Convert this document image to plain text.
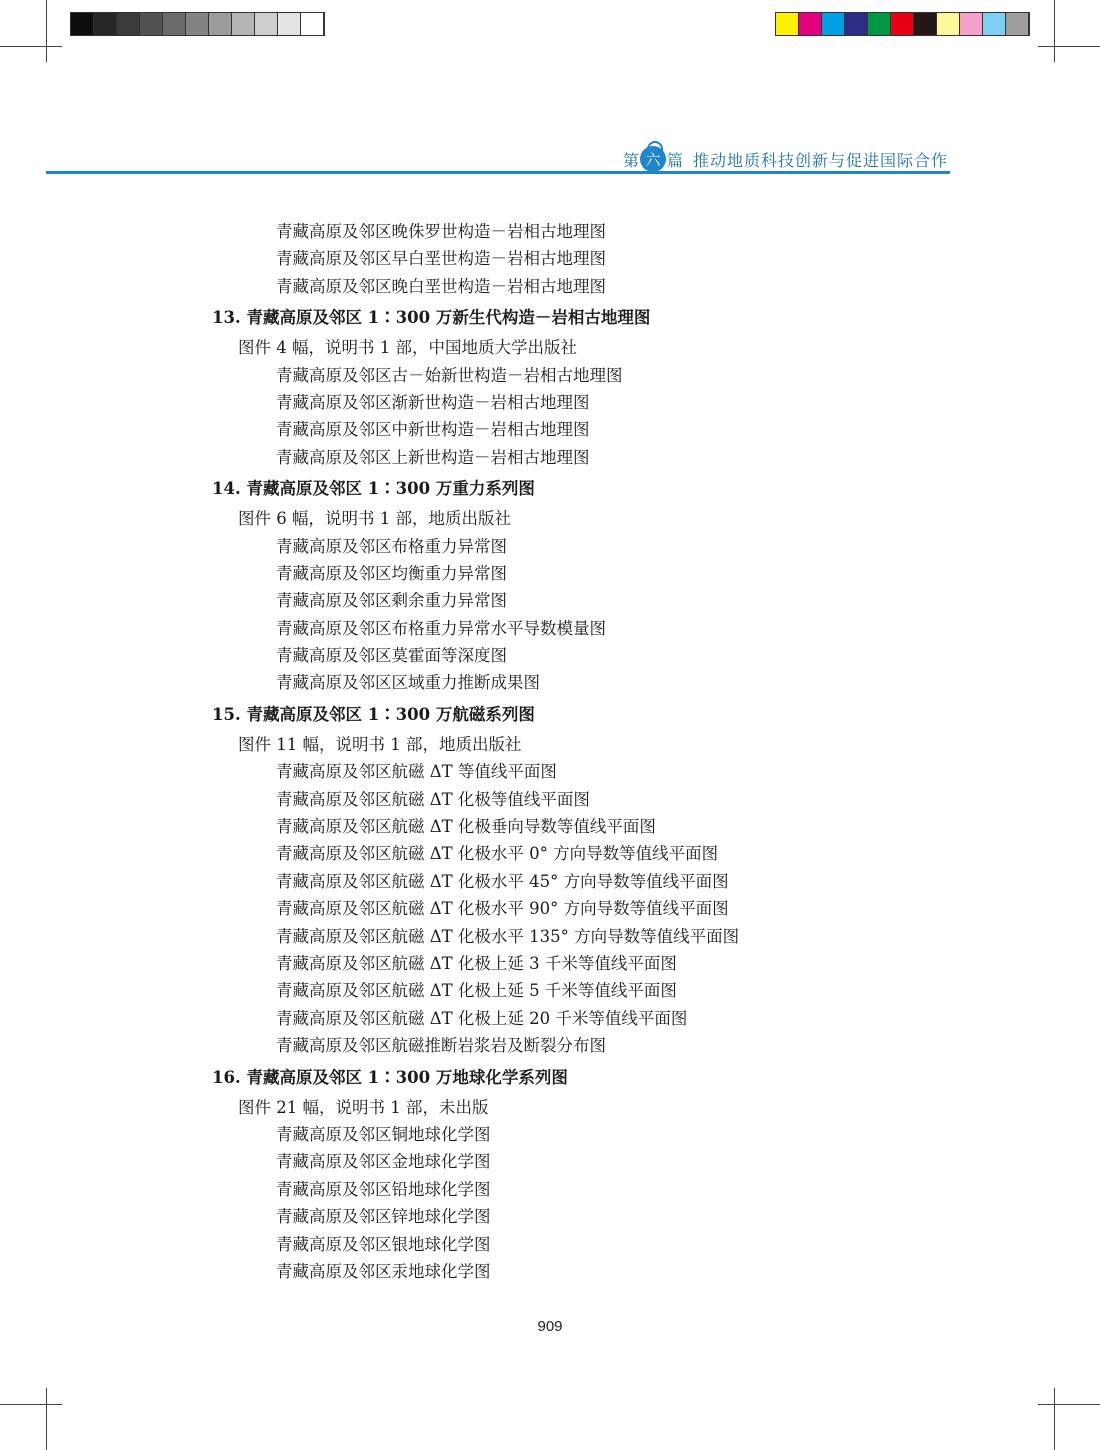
第 六 篇 推动地质科技创新与促进国际合作
青藏高原及邻区晚侏罗世构造－岩相古地理图
青藏高原及邻区早白垩世构造－岩相古地理图
青藏高原及邻区晚白垩世构造－岩相古地理图
13. 青藏高原及邻区 1∶300 万新生代构造－岩相古地理图
图件 4 幅，说明书 1 部，中国地质大学出版社
青藏高原及邻区古－始新世构造－岩相古地理图
青藏高原及邻区渐新世构造－岩相古地理图
青藏高原及邻区中新世构造－岩相古地理图
青藏高原及邻区上新世构造－岩相古地理图
14. 青藏高原及邻区 1∶300 万重力系列图
图件 6 幅，说明书 1 部，地质出版社
青藏高原及邻区布格重力异常图
青藏高原及邻区均衡重力异常图
青藏高原及邻区剩余重力异常图
青藏高原及邻区布格重力异常水平导数模量图
青藏高原及邻区莫霍面等深度图
青藏高原及邻区区域重力推断成果图
15. 青藏高原及邻区 1∶300 万航磁系列图
图件 11 幅，说明书 1 部，地质出版社
青藏高原及邻区航磁 ΔT 等值线平面图
青藏高原及邻区航磁 ΔT 化极等值线平面图
青藏高原及邻区航磁 ΔT 化极垂向导数等值线平面图
青藏高原及邻区航磁 ΔT 化极水平 0° 方向导数等值线平面图
青藏高原及邻区航磁 ΔT 化极水平 45° 方向导数等值线平面图
青藏高原及邻区航磁 ΔT 化极水平 90° 方向导数等值线平面图
青藏高原及邻区航磁 ΔT 化极水平 135° 方向导数等值线平面图
青藏高原及邻区航磁 ΔT 化极上延 3 千米等值线平面图
青藏高原及邻区航磁 ΔT 化极上延 5 千米等值线平面图
青藏高原及邻区航磁 ΔT 化极上延 20 千米等值线平面图
青藏高原及邻区航磁推断岩浆岩及断裂分布图
16. 青藏高原及邻区 1∶300 万地球化学系列图
图件 21 幅，说明书 1 部，未出版
青藏高原及邻区铜地球化学图
青藏高原及邻区金地球化学图
青藏高原及邻区铅地球化学图
青藏高原及邻区锌地球化学图
青藏高原及邻区银地球化学图
青藏高原及邻区汞地球化学图
909
